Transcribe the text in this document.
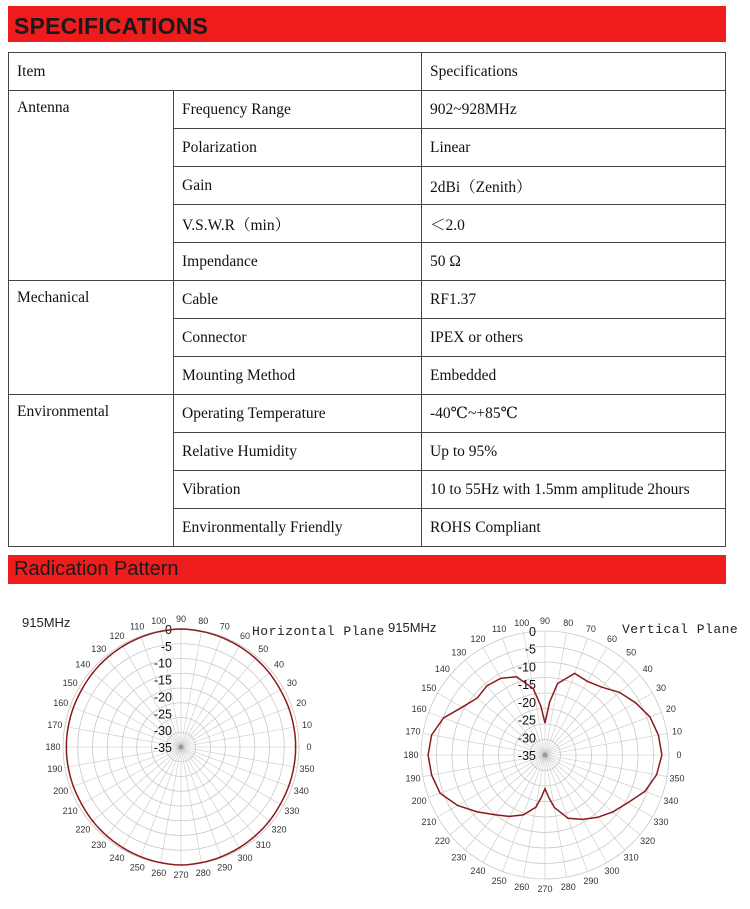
SPECIFICATIONS
Item		Specifications
Antenna	Frequency Range	902~928MHz
	Polarization	Linear
	Gain	2dBi（Zenith）
	V.S.W.R（min）	＜2.0
	Impendance	50 Ω
Mechanical	Cable	RF1.37
	Connector	IPEX or others
	Mounting Method	Embedded
Environmental	Operating Temperature	-40℃~+85℃
	Relative Humidity	Up to 95%
	Vibration	10 to 55Hz with 1.5mm amplitude 2hours
	Environmentally Friendly	ROHS Compliant
Radication Pattern
0
10
20
30
40
50
60
70
80
90
100
110
120
130
140
150
160
170
180
190
200
210
220
230
240
250
260 270 280
290
300
310
320
330
340
350
0
-5
-10
-15
-20
-25
-30
-35
915MHz
Horizontal Plane
0
10
20
30
40
50
60
70
80
90
100
110
120
130
140
150
160
170
180
190
200
210
220
230
240
250
260 270 280
290
300
310
320
330
340
350
0
-5
-10
-15
-20
-25
-30
-35
915MHz	Vertical Plane
